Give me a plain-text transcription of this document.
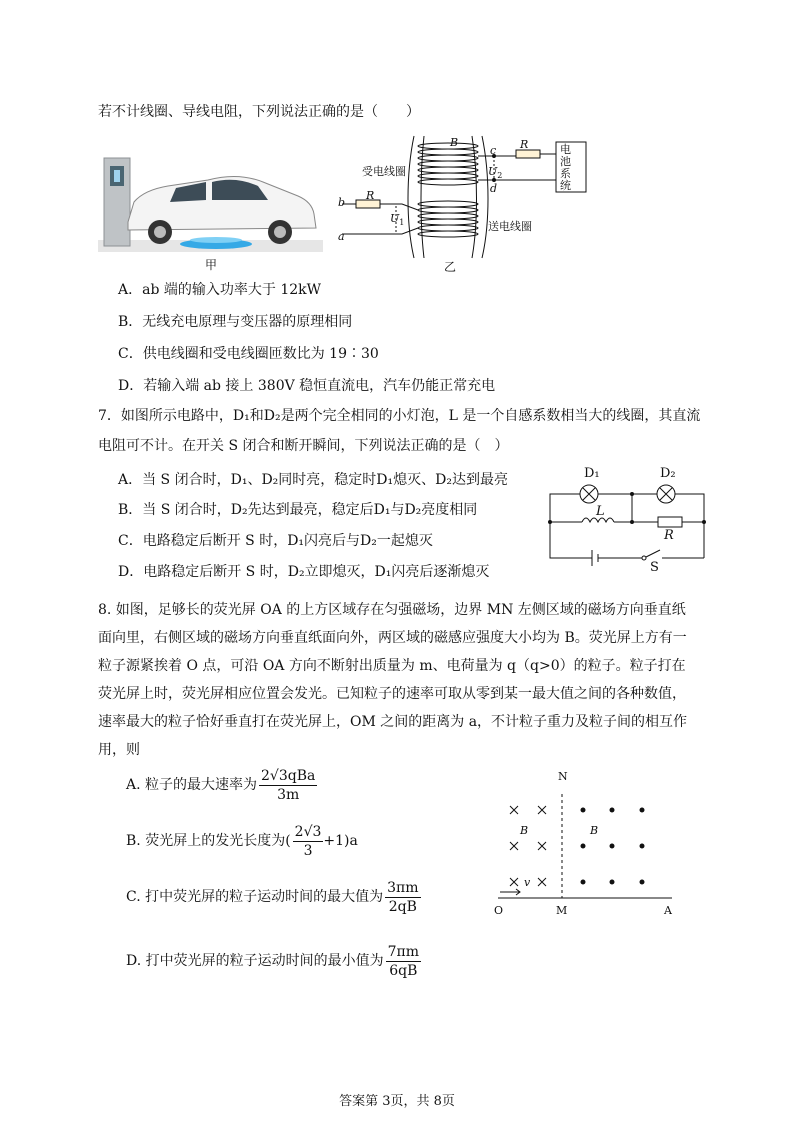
若不计线圈、导线电阻，下列说法正确的是（　　）
甲
B
c R
$U_2$
d
电池系统
受电线圈
b
R
$U_1$
a
送电线圈
乙
A．ab 端的输入功率大于 12kW
B．无线充电原理与变压器的原理相同
C．供电线圈和受电线圈匝数比为 19∶30
D．若输入端 ab 接上 380V 稳恒直流电，汽车仍能正常充电
7．如图所示电路中，D₁和D₂是两个完全相同的小灯泡，L 是一个自感系数相当大的线圈，其直流
电阻可不计。在开关 S 闭合和断开瞬间，下列说法正确的是（　）
A．当 S 闭合时，D₁、D₂同时亮，稳定时D₁熄灭、D₂达到最亮
B．当 S 闭合时，D₂先达到最亮，稳定后D₁与D₂亮度相同
C．电路稳定后断开 S 时，D₁闪亮后与D₂一起熄灭
D．电路稳定后断开 S 时，D₂立即熄灭，D₁闪亮后逐渐熄灭
D₁	D₂
L
R
S
8. 如图，足够长的荧光屏 OA 的上方区域存在匀强磁场，边界 MN 左侧区域的磁场方向垂直纸面向里，右侧区域的磁场方向垂直纸面向外，两区域的磁感应强度大小均为 B。荧光屏上方有一粒子源紧挨着 O 点，可沿 OA 方向不断射出质量为 m、电荷量为 q（q>0）的粒子。粒子打在荧光屏上时，荧光屏相应位置会发光。已知粒子的速率可取从零到某一最大值之间的各种数值，速率最大的粒子恰好垂直打在荧光屏上，OM 之间的距离为 a，不计粒子重力及粒子间的相互作用，则
A. 粒子的最大速率为 $\frac{\text{2√3qBa}}{3m}$
B. 荧光屏上的发光长度为( $\frac{2√3}{3} +1)a$
C. 打中荧光屏的粒子运动时间的最大值为 $\frac{3\pi m}{2qB}$
D. 打中荧光屏的粒子运动时间的最小值为 $\frac{7\pi m}{6qB}$
N
O	M	A
B	B
v
答案第 3页，共 8页
